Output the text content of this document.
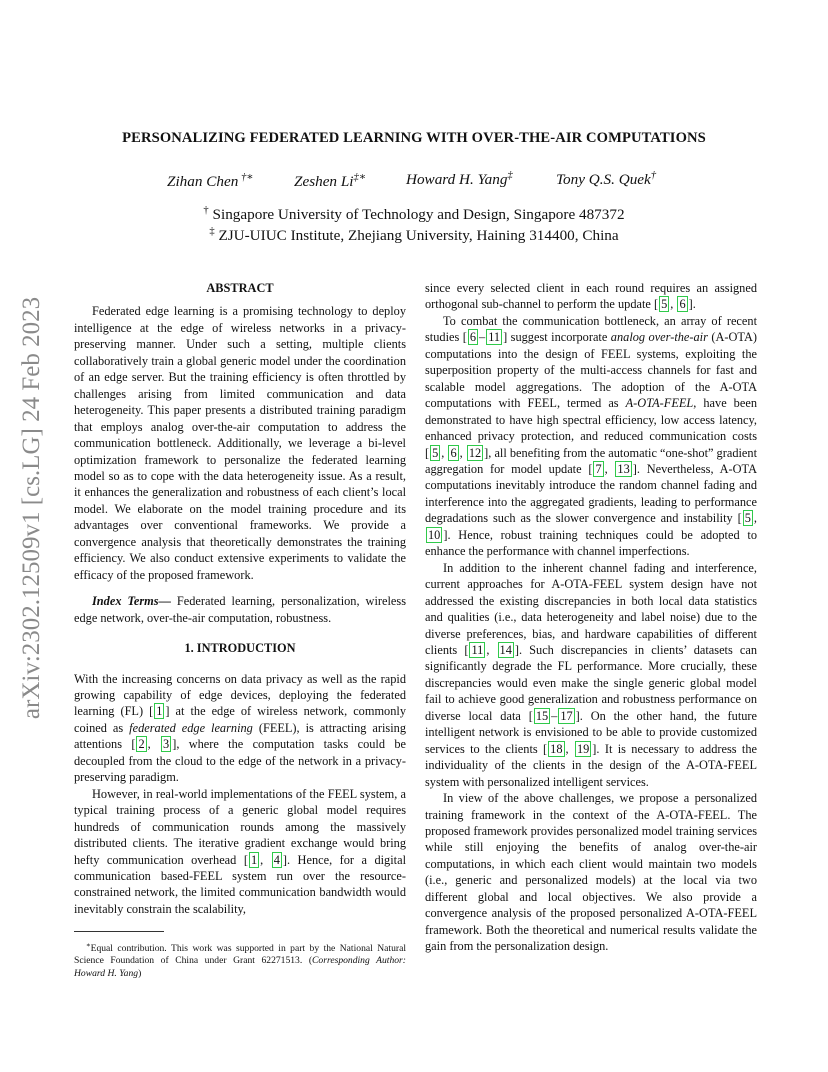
arXiv:2302.12509v1 [cs.LG] 24 Feb 2023
PERSONALIZING FEDERATED LEARNING WITH OVER-THE-AIR COMPUTATIONS
Zihan Chen †∗	Zeshen Li‡∗	Howard H. Yang‡	Tony Q.S. Quek†
† Singapore University of Technology and Design, Singapore 487372
‡ ZJU-UIUC Institute, Zhejiang University, Haining 314400, China
ABSTRACT

Federated edge learning is a promising technology to deploy intelligence at the edge of wireless networks in a privacy-preserving manner. Under such a setting, multiple clients collaboratively train a global generic model under the coordination of an edge server. But the training efficiency is often throttled by challenges arising from limited communication and data heterogeneity. This paper presents a distributed training paradigm that employs analog over-the-air computation to address the communication bottleneck. Additionally, we leverage a bi-level optimization framework to personalize the federated learning model so as to cope with the data heterogeneity issue. As a result, it enhances the generalization and robustness of each client’s local model. We elaborate on the model training procedure and its advantages over conventional frameworks. We provide a convergence analysis that theoretically demonstrates the training efficiency. We also conduct extensive experiments to validate the efficacy of the proposed framework.

Index Terms— Federated learning, personalization, wireless edge network, over-the-air computation, robustness.

1. INTRODUCTION

With the increasing concerns on data privacy as well as the rapid growing capability of edge devices, deploying the federated learning (FL) [ 1 ] at the edge of wireless network, commonly coined as federated edge learning (FEEL), is attracting arising attentions [ 2 , 3 ], where the computation tasks could be decoupled from the cloud to the edge of the network in a privacy-preserving paradigm.

However, in real-world implementations of the FEEL system, a typical training process of a generic global model requires hundreds of communication rounds among the massively distributed clients. The iterative gradient exchange would bring hefty communication overhead [ 1 , 4 ]. Hence, for a digital communication based-FEEL system run over the resource-constrained network, the limited communication bandwidth would inevitably constrain the scalability,

∗Equal contribution. This work was supported in part by the National Natural Science Foundation of China under Grant 62271513. (Corresponding Author: Howard H. Yang)

since every selected client in each round requires an assigned orthogonal sub-channel to perform the update [ 5 , 6 ].

To combat the communication bottleneck, an array of recent studies [ 6 – 11 ] suggest incorporate analog over-the-air (A-OTA) computations into the design of FEEL systems, exploiting the superposition property of the multi-access channels for fast and scalable model aggregations. The adoption of the A-OTA computations with FEEL, termed as A-OTA-FEEL, have been demonstrated to have high spectral efficiency, low access latency, enhanced privacy protection, and reduced communication costs [ 5 , 6 , 12 ], all benefiting from the automatic “one-shot” gradient aggregation for model update [ 7 , 13 ]. Nevertheless, A-OTA computations inevitably introduce the random channel fading and interference into the aggregated gradients, leading to performance degradations such as the slower convergence and instability [ 5 , 10 ]. Hence, robust training techniques could be adopted to enhance the performance with channel imperfections.

In addition to the inherent channel fading and interference, current approaches for A-OTA-FEEL system design have not addressed the existing discrepancies in both local data statistics and qualities (i.e., data heterogeneity and label noise) due to the diverse preferences, bias, and hardware capabilities of different clients [ 11 , 14 ]. Such discrepancies in clients’ datasets can significantly degrade the FL performance. More crucially, these discrepancies would even make the single generic global model fail to achieve good generalization and robustness performance on diverse local data [ 15 – 17 ]. On the other hand, the future intelligent network is envisioned to be able to provide customized services to the clients [ 18 , 19 ]. It is necessary to address the individuality of the clients in the design of the A-OTA-FEEL system with personalized intelligent services.

In view of the above challenges, we propose a personalized training framework in the context of the A-OTA-FEEL. The proposed framework provides personalized model training services while still enjoying the benefits of analog over-the-air computations, in which each client would maintain two models (i.e., generic and personalized models) at the local via two different global and local objectives. We also provide a convergence analysis of the proposed personalized A-OTA-FEEL framework. Both the theoretical and numerical results validate the gain from the personalization design.
